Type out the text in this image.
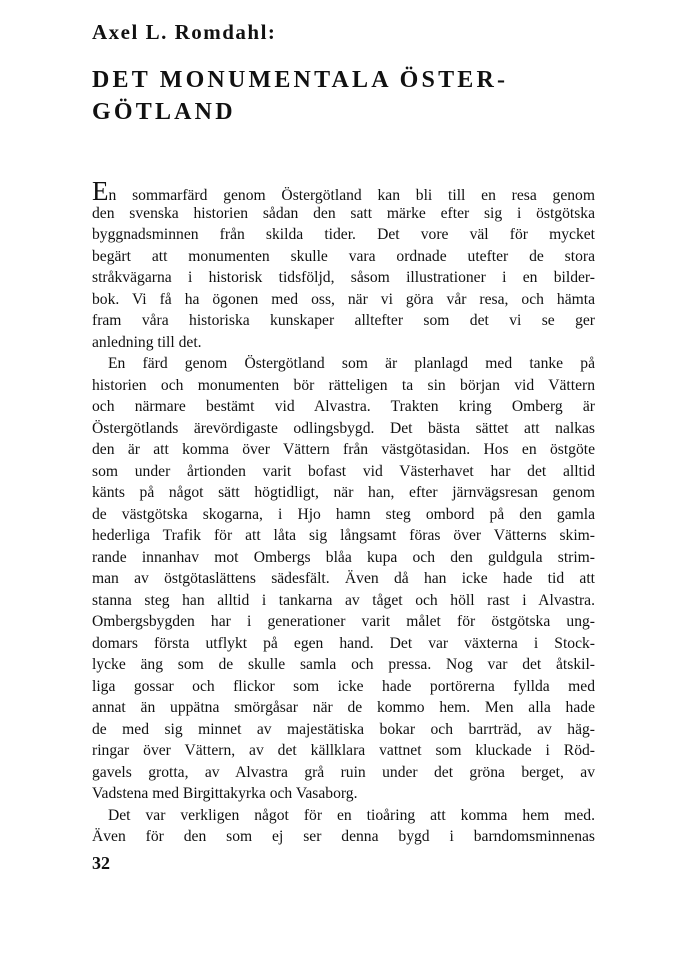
Axel L. Romdahl:
DET MONUMENTALA ÖSTER-
GÖTLAND
En sommarfärd genom Östergötland kan bli till en resa genom
den svenska historien sådan den satt märke efter sig i östgötska
byggnadsminnen från skilda tider. Det vore väl för mycket
begärt att monumenten skulle vara ordnade utefter de stora
stråkvägarna i historisk tidsföljd, såsom illustrationer i en bilder-
bok. Vi få ha ögonen med oss, när vi göra vår resa, och hämta
fram våra historiska kunskaper alltefter som det vi se ger
anledning till det.
En färd genom Östergötland som är planlagd med tanke på
historien och monumenten bör rätteligen ta sin början vid Vättern
och närmare bestämt vid Alvastra. Trakten kring Omberg är
Östergötlands ärevördigaste odlingsbygd. Det bästa sättet att nalkas
den är att komma över Vättern från västgötasidan. Hos en östgöte
som under årtionden varit bofast vid Västerhavet har det alltid
känts på något sätt högtidligt, när han, efter järnvägsresan genom
de västgötska skogarna, i Hjo hamn steg ombord på den gamla
hederliga Trafik för att låta sig långsamt föras över Vätterns skim-
rande innanhav mot Ombergs blåa kupa och den guldgula strim-
man av östgötaslättens sädesfält. Även då han icke hade tid att
stanna steg han alltid i tankarna av tåget och höll rast i Alvastra.
Ombergsbygden har i generationer varit målet för östgötska ung-
domars första utflykt på egen hand. Det var växterna i Stock-
lycke äng som de skulle samla och pressa. Nog var det åtskil-
liga gossar och flickor som icke hade portörerna fyllda med
annat än uppätna smörgåsar när de kommo hem. Men alla hade
de med sig minnet av majestätiska bokar och barrträd, av häg-
ringar över Vättern, av det källklara vattnet som kluckade i Röd-
gavels grotta, av Alvastra grå ruin under det gröna berget, av
Vadstena med Birgittakyrka och Vasaborg.
Det var verkligen något för en tioåring att komma hem med.
Även för den som ej ser denna bygd i barndomsminnenas
32
